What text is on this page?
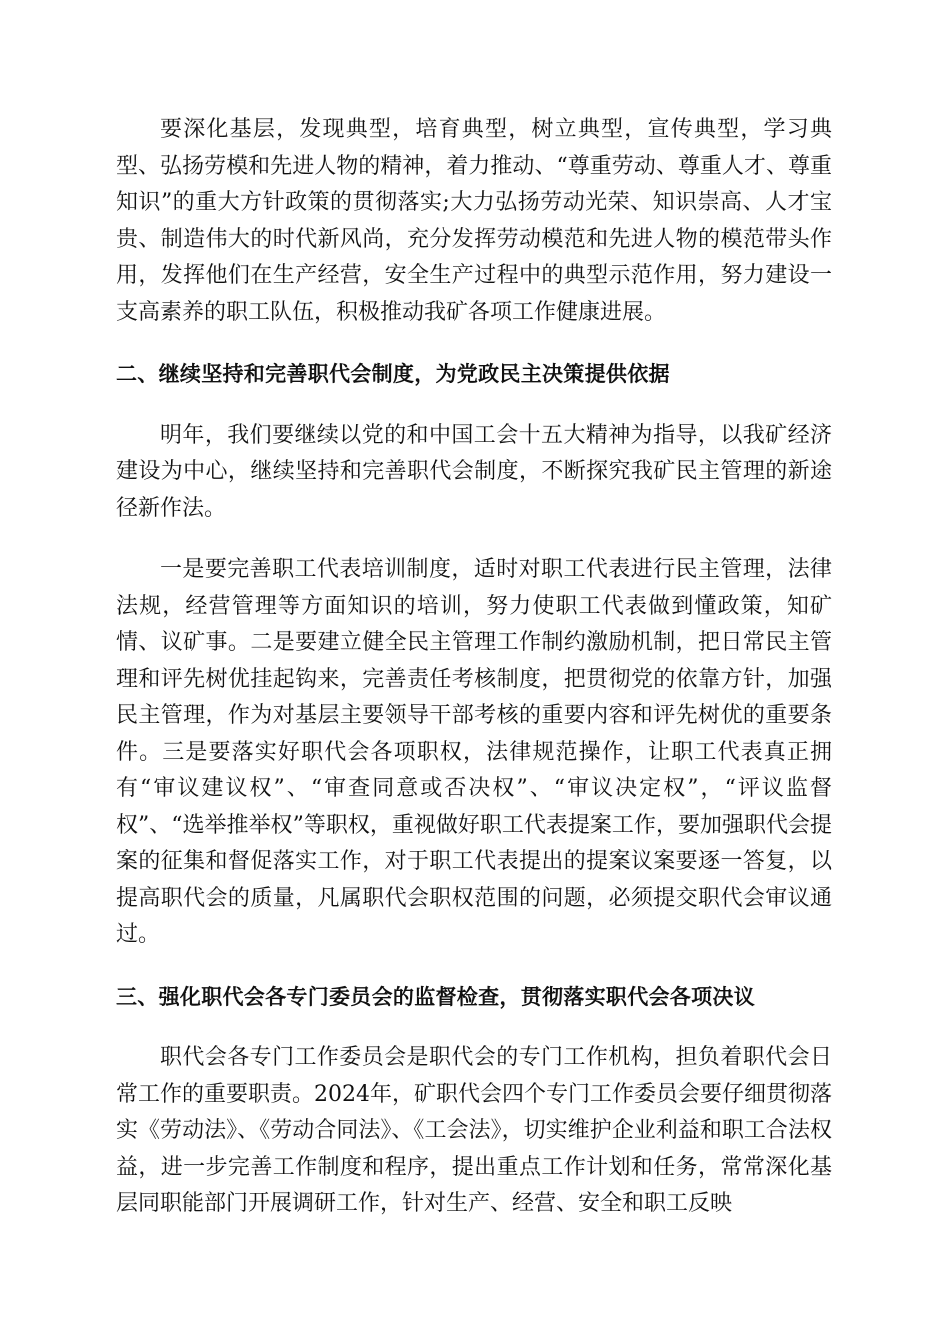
要深化基层，发现典型，培育典型，树立典型，宣传典型，学习典型、弘扬劳模和先进人物的精神，着力推动、“尊重劳动、尊重人才、尊重知识”的重大方针政策的贯彻落实;大力弘扬劳动光荣、知识崇高、人才宝贵、制造伟大的时代新风尚，充分发挥劳动模范和先进人物的模范带头作用，发挥他们在生产经营，安全生产过程中的典型示范作用，努力建设一支高素养的职工队伍，积极推动我矿各项工作健康进展。

二、继续坚持和完善职代会制度，为党政民主决策提供依据

明年，我们要继续以党的和中国工会十五大精神为指导，以我矿经济建设为中心，继续坚持和完善职代会制度，不断探究我矿民主管理的新途径新作法。

一是要完善职工代表培训制度，适时对职工代表进行民主管理，法律法规，经营管理等方面知识的培训，努力使职工代表做到懂政策，知矿情、议矿事。二是要建立健全民主管理工作制约激励机制，把日常民主管理和评先树优挂起钩来，完善责任考核制度，把贯彻党的依靠方针，加强民主管理，作为对基层主要领导干部考核的重要内容和评先树优的重要条件。三是要落实好职代会各项职权，法律规范操作，让职工代表真正拥有“审议建议权”、“审查同意或否决权”、“审议决定权”，“评议监督权”、“选举推举权”等职权，重视做好职工代表提案工作，要加强职代会提案的征集和督促落实工作，对于职工代表提出的提案议案要逐一答复，以提高职代会的质量，凡属职代会职权范围的问题，必须提交职代会审议通过。

三、强化职代会各专门委员会的监督检查，贯彻落实职代会各项决议

职代会各专门工作委员会是职代会的专门工作机构，担负着职代会日常工作的重要职责。2024年，矿职代会四个专门工作委员会要仔细贯彻落实《劳动法》、《劳动合同法》、《工会法》，切实维护企业利益和职工合法权益，进一步完善工作制度和程序，提出重点工作计划和任务，常常深化基层同职能部门开展调研工作，针对生产、经营、安全和职工反映
